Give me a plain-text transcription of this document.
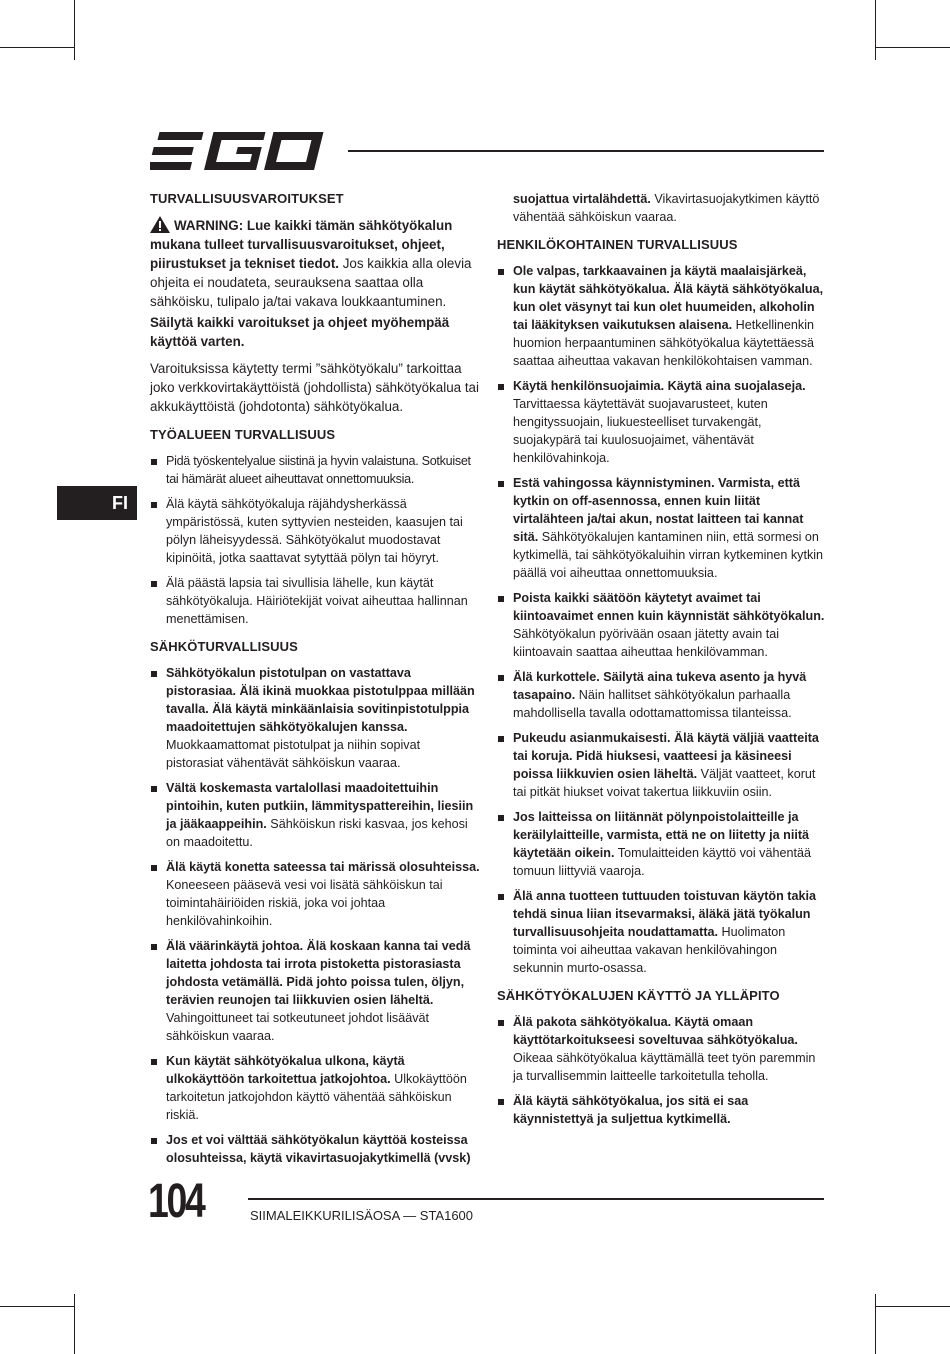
FI
TURVALLISUUSVAROITUKSET

WARNING: Lue kaikki tämän sähkötyökalun mukana tulleet turvallisuusvaroitukset, ohjeet, piirustukset ja tekniset tiedot. Jos kaikkia alla olevia ohjeita ei noudateta, seurauksena saattaa olla sähköisku, tulipalo ja/tai vakava loukkaantuminen.
Säilytä kaikki varoitukset ja ohjeet myöhempää käyttöä varten.

Varoituksissa käytetty termi ”sähkötyökalu” tarkoittaa joko verkkovirtakäyttöistä (johdollista) sähkötyökalua tai akkukäyttöistä (johdotonta) sähkötyökalua.

TYÖALUEEN TURVALLISUUS
Pidä työskentelyalue siistinä ja hyvin valaistuna. Sotkuiset tai hämärät alueet aiheuttavat onnettomuuksia.
Älä käytä sähkötyökaluja räjähdysherkässä ympäristössä, kuten syttyvien nesteiden, kaasujen tai pölyn läheisyydessä. Sähkötyökalut muodostavat kipinöitä, jotka saattavat sytyttää pölyn tai höyryt.
Älä päästä lapsia tai sivullisia lähelle, kun käytät sähkötyökaluja. Häiriötekijät voivat aiheuttaa hallinnan menettämisen.
SÄHKÖTURVALLISUUS
Sähkötyökalun pistotulpan on vastattava pistorasiaa. Älä ikinä muokkaa pistotulppaa millään tavalla. Älä käytä minkäänlaisia sovitinpistotulppia maadoitettujen sähkötyökalujen kanssa. Muokkaamattomat pistotulpat ja niihin sopivat pistorasiat vähentävät sähköiskun vaaraa.
Vältä koskemasta vartalollasi maadoitettuihin pintoihin, kuten putkiin, lämmityspattereihin, liesiin ja jääkaappeihin. Sähköiskun riski kasvaa, jos kehosi on maadoitettu.
Älä käytä konetta sateessa tai märissä olosuhteissa. Koneeseen pääsevä vesi voi lisätä sähköiskun tai toimintahäiriöiden riskiä, joka voi johtaa henkilövahinkoihin.
Älä väärinkäytä johtoa. Älä koskaan kanna tai vedä laitetta johdosta tai irrota pistoketta pistorasiasta johdosta vetämällä. Pidä johto poissa tulen, öljyn, terävien reunojen tai liikkuvien osien läheltä. Vahingoittuneet tai sotkeutuneet johdot lisäävät sähköiskun vaaraa.
Kun käytät sähkötyökalua ulkona, käytä ulkokäyttöön tarkoitettua jatkojohtoa. Ulkokäyttöön tarkoitetun jatkojohdon käyttö vähentää sähköiskun riskiä.
Jos et voi välttää sähkötyökalun käyttöä kosteissa olosuhteissa, käytä vikavirtasuojakytkimellä (vvsk)

suojattua virtalähdettä. Vikavirtasuojakytkimen käyttö vähentää sähköiskun vaaraa.

HENKILÖKOHTAINEN TURVALLISUUS
Ole valpas, tarkkaavainen ja käytä maalaisjärkeä, kun käytät sähkötyökalua. Älä käytä sähkötyökalua, kun olet väsynyt tai kun olet huumeiden, alkoholin tai lääkityksen vaikutuksen alaisena. Hetkellinenkin huomion herpaantuminen sähkötyökalua käytettäessä saattaa aiheuttaa vakavan henkilökohtaisen vamman.
Käytä henkilönsuojaimia. Käytä aina suojalaseja. Tarvittaessa käytettävät suojavarusteet, kuten hengityssuojain, liukuesteelliset turvakengät, suojakypärä tai kuulosuojaimet, vähentävät henkilövahinkoja.
Estä vahingossa käynnistyminen. Varmista, että kytkin on off-asennossa, ennen kuin liität virtalähteen ja/tai akun, nostat laitteen tai kannat sitä. Sähkötyökalujen kantaminen niin, että sormesi on kytkimellä, tai sähkötyökaluihin virran kytkeminen kytkin päällä voi aiheuttaa onnettomuuksia.
Poista kaikki säätöön käytetyt avaimet tai kiintoavaimet ennen kuin käynnistät sähkötyökalun. Sähkötyökalun pyörivään osaan jätetty avain tai kiintoavain saattaa aiheuttaa henkilövamman.
Älä kurkottele. Säilytä aina tukeva asento ja hyvä tasapaino. Näin hallitset sähkötyökalun parhaalla mahdollisella tavalla odottamattomissa tilanteissa.
Pukeudu asianmukaisesti. Älä käytä väljiä vaatteita tai koruja. Pidä hiuksesi, vaatteesi ja käsineesi poissa liikkuvien osien läheltä. Väljät vaatteet, korut tai pitkät hiukset voivat takertua liikkuviin osiin.
Jos laitteissa on liitännät pölynpoistolaitteille ja keräilylaitteille, varmista, että ne on liitetty ja niitä käytetään oikein. Tomulaitteiden käyttö voi vähentää tomuun liittyviä vaaroja.
Älä anna tuotteen tuttuuden toistuvan käytön takia tehdä sinua liian itsevarmaksi, äläkä jätä työkalun turvallisuusohjeita noudattamatta. Huolimaton toiminta voi aiheuttaa vakavan henkilövahingon sekunnin murto-osassa.
SÄHKÖTYÖKALUJEN KÄYTTÖ JA YLLÄPITO
Älä pakota sähkötyökalua. Käytä omaan käyttötarkoitukseesi soveltuvaa sähkötyökalua. Oikeaa sähkötyökalua käyttämällä teet työn paremmin ja turvallisemmin laitteelle tarkoitetulla teholla.
Älä käytä sähkötyökalua, jos sitä ei saa käynnistettyä ja suljettua kytkimellä.
104	SIIMALEIKKURILISÄOSA — STA1600
